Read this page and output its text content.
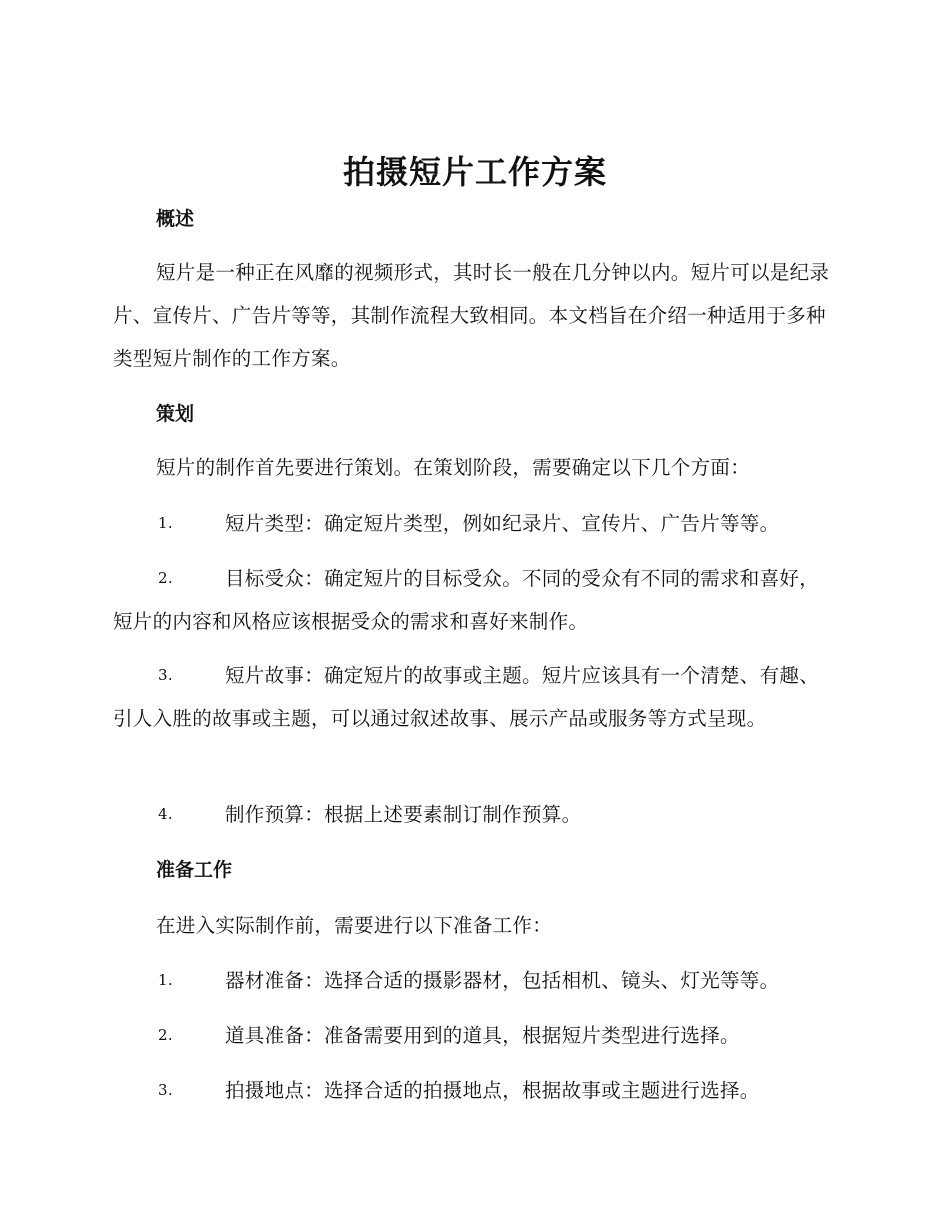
拍摄短片工作方案
概述

短片是一种正在风靡的视频形式，其时长一般在几分钟以内。短片可以是纪录片、宣传片、广告片等等，其制作流程大致相同。本文档旨在介绍一种适用于多种类型短片制作的工作方案。

策划

短片的制作首先要进行策划。在策划阶段，需要确定以下几个方面：

1.	短片类型：确定短片类型，例如纪录片、宣传片、广告片等等。

2.	目标受众：确定短片的目标受众。不同的受众有不同的需求和喜好，短片的内容和风格应该根据受众的需求和喜好来制作。

3.	短片故事：确定短片的故事或主题。短片应该具有一个清楚、有趣、引人入胜的故事或主题，可以通过叙述故事、展示产品或服务等方式呈现。

4.	制作预算：根据上述要素制订制作预算。

准备工作

在进入实际制作前，需要进行以下准备工作：

1.	器材准备：选择合适的摄影器材，包括相机、镜头、灯光等等。

2.	道具准备：准备需要用到的道具，根据短片类型进行选择。

3.	拍摄地点：选择合适的拍摄地点，根据故事或主题进行选择。
